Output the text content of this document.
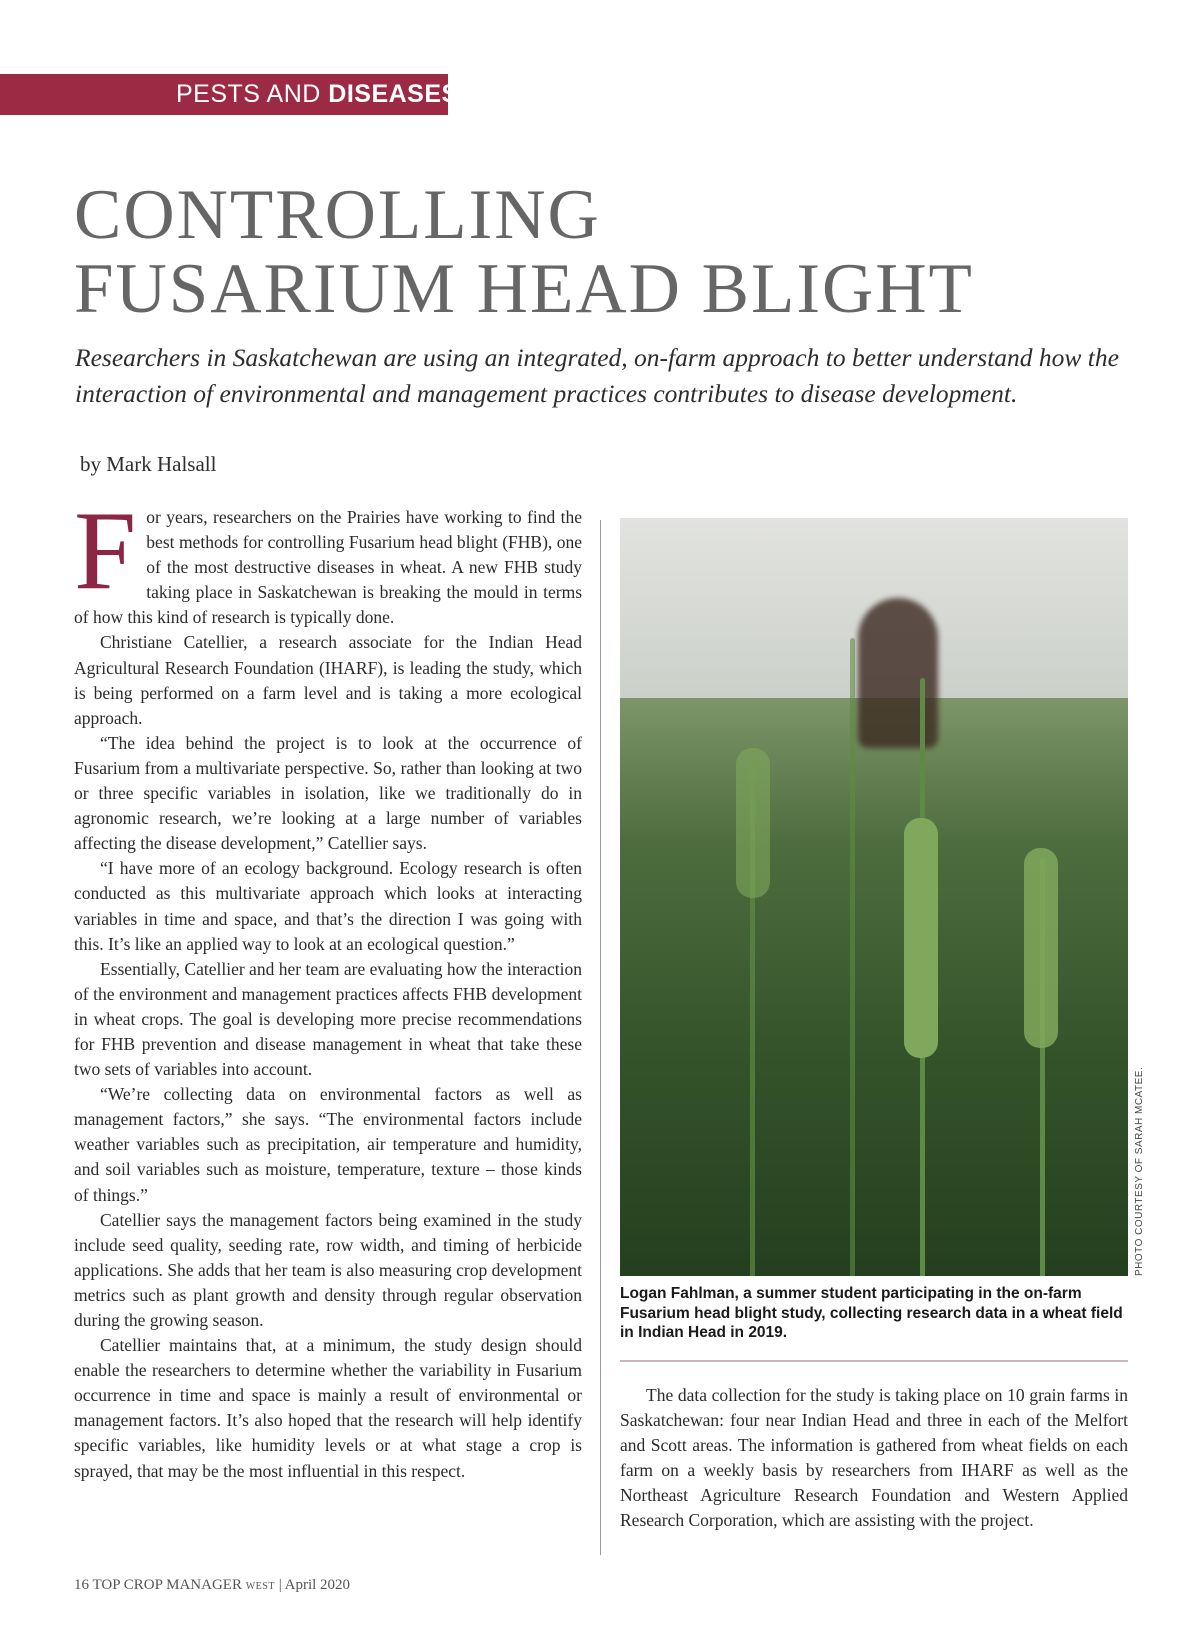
PESTS AND DISEASES
CONTROLLING
FUSARIUM HEAD BLIGHT

Researchers in Saskatchewan are using an integrated, on-farm approach to better understand how the interaction of environmental and management practices contributes to disease development.

by Mark Halsall

For years, researchers on the Prairies have working to find the best methods for controlling Fusarium head blight (FHB), one of the most destructive diseases in wheat. A new FHB study taking place in Saskatchewan is breaking the mould in terms of how this kind of research is typically done.

Christiane Catellier, a research associate for the Indian Head Agricultural Research Foundation (IHARF), is leading the study, which is being performed on a farm level and is taking a more ecological approach.

“The idea behind the project is to look at the occurrence of Fusarium from a multivariate perspective. So, rather than looking at two or three specific variables in isolation, like we traditionally do in agronomic research, we’re looking at a large number of variables affecting the disease development,” Catellier says.

“I have more of an ecology background. Ecology research is often conducted as this multivariate approach which looks at interacting variables in time and space, and that’s the direction I was going with this. It’s like an applied way to look at an ecological question.”

Essentially, Catellier and her team are evaluating how the interaction of the environment and management practices affects FHB development in wheat crops. The goal is developing more precise recommendations for FHB prevention and disease management in wheat that take these two sets of variables into account.

“We’re collecting data on environmental factors as well as management factors,” she says. “The environmental factors include weather variables such as precipitation, air temperature and humidity, and soil variables such as moisture, temperature, texture – those kinds of things.”

Catellier says the management factors being examined in the study include seed quality, seeding rate, row width, and timing of herbicide applications. She adds that her team is also measuring crop development metrics such as plant growth and density through regular observation during the growing season.

Catellier maintains that, at a minimum, the study design should enable the researchers to determine whether the variability in Fusarium occurrence in time and space is mainly a result of environmental or management factors. It’s also hoped that the research will help identify specific variables, like humidity levels or at what stage a crop is sprayed, that may be the most influential in this respect.

PHOTO COURTESY OF SARAH MCATEE.

Logan Fahlman, a summer student participating in the on-farm Fusarium head blight study, collecting research data in a wheat field in Indian Head in 2019.

The data collection for the study is taking place on 10 grain farms in Saskatchewan: four near Indian Head and three in each of the Melfort and Scott areas. The information is gathered from wheat fields on each farm on a weekly basis by researchers from IHARF as well as the Northeast Agriculture Research Foundation and Western Applied Research Corporation, which are assisting with the project.

16 TOP CROP MANAGER WEST | April 2020
